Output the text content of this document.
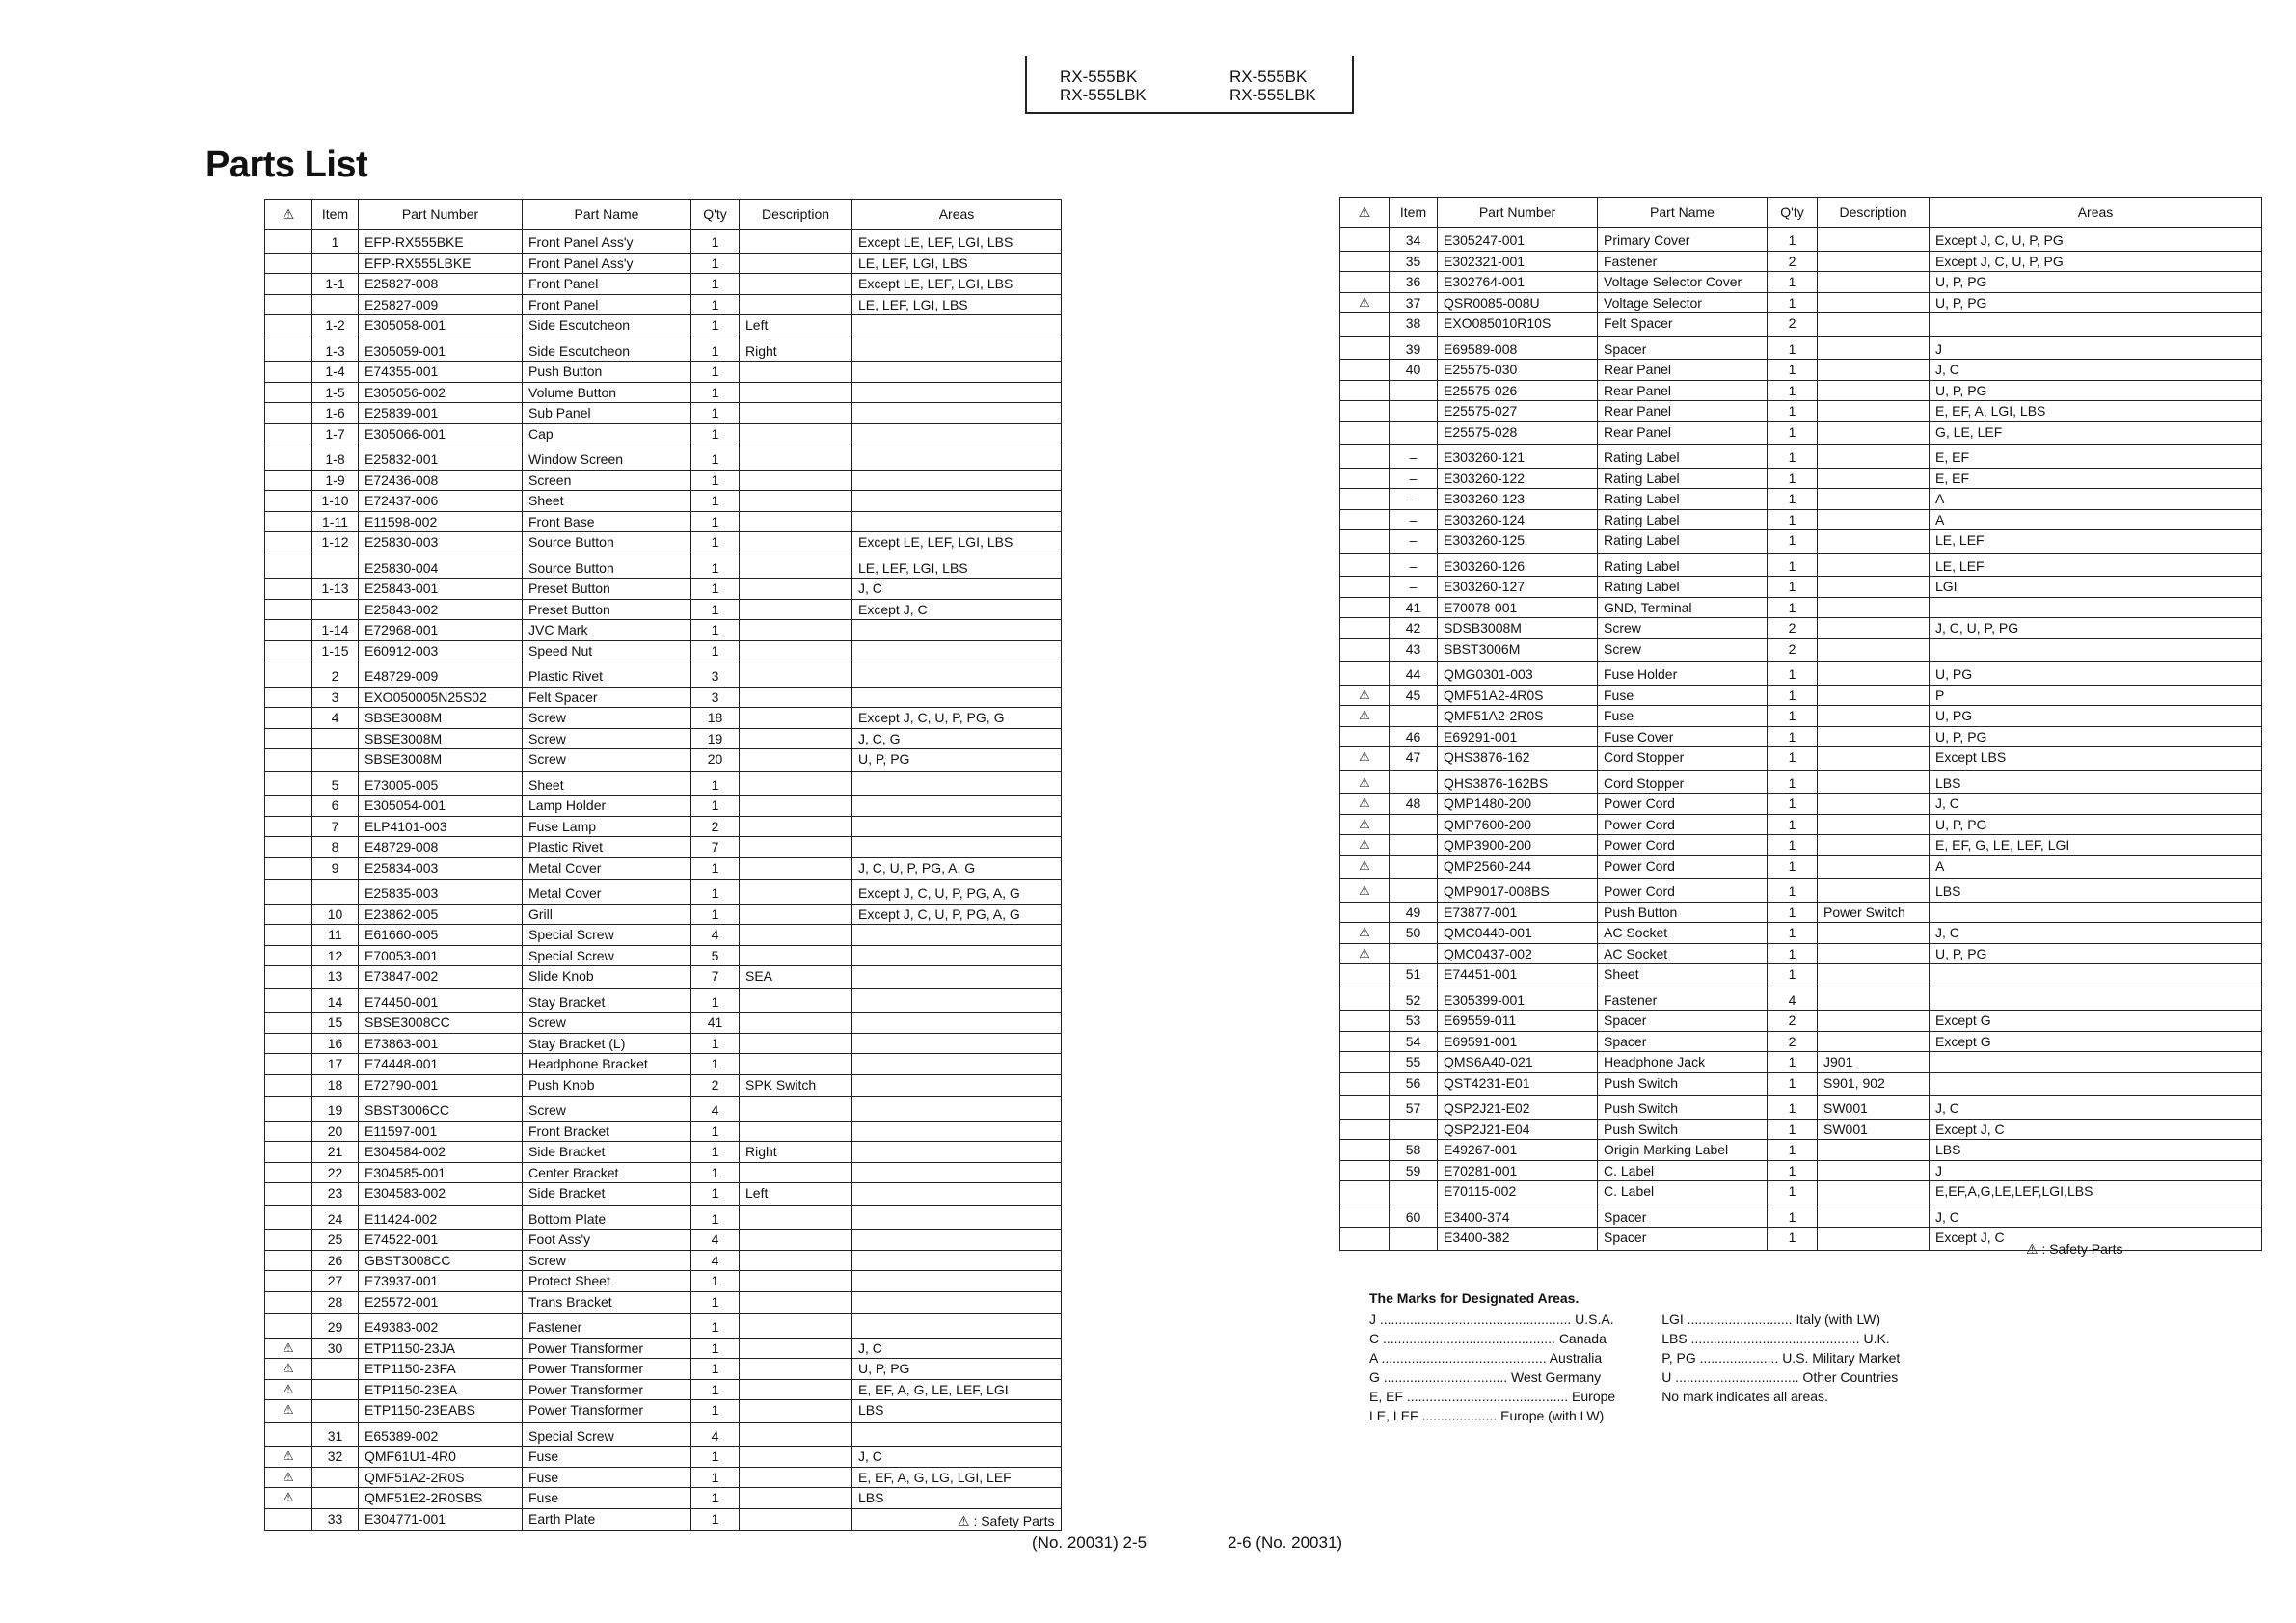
RX-555BK
RX-555LBK
RX-555BK
RX-555LBK
Parts List
⚠	Item	Part Number	Part Name	Q'ty	Description	Areas
	1	EFP-RX555BKE	Front Panel Ass'y	1		Except LE, LEF, LGI, LBS
		EFP-RX555LBKE	Front Panel Ass'y	1		LE, LEF, LGI, LBS
	1-1	E25827-008	Front Panel	1		Except LE, LEF, LGI, LBS
		E25827-009	Front Panel	1		LE, LEF, LGI, LBS
	1-2	E305058-001	Side Escutcheon	1	Left	
	1-3	E305059-001	Side Escutcheon	1	Right	
	1-4	E74355-001	Push Button	1		
	1-5	E305056-002	Volume Button	1		
	1-6	E25839-001	Sub Panel	1		
	1-7	E305066-001	Cap	1		
	1-8	E25832-001	Window Screen	1		
	1-9	E72436-008	Screen	1		
	1-10	E72437-006	Sheet	1		
	1-11	E11598-002	Front Base	1		
	1-12	E25830-003	Source Button	1		Except LE, LEF, LGI, LBS
		E25830-004	Source Button	1		LE, LEF, LGI, LBS
	1-13	E25843-001	Preset Button	1		J, C
		E25843-002	Preset Button	1		Except J, C
	1-14	E72968-001	JVC Mark	1		
	1-15	E60912-003	Speed Nut	1		
	2	E48729-009	Plastic Rivet	3		
	3	EXO050005N25S02	Felt Spacer	3		
	4	SBSE3008M	Screw	18		Except J, C, U, P, PG, G
		SBSE3008M	Screw	19		J, C, G
		SBSE3008M	Screw	20		U, P, PG
	5	E73005-005	Sheet	1		
	6	E305054-001	Lamp Holder	1		
	7	ELP4101-003	Fuse Lamp	2		
	8	E48729-008	Plastic Rivet	7		
	9	E25834-003	Metal Cover	1		J, C, U, P, PG, A, G
		E25835-003	Metal Cover	1		Except J, C, U, P, PG, A, G
	10	E23862-005	Grill	1		Except J, C, U, P, PG, A, G
	11	E61660-005	Special Screw	4		
	12	E70053-001	Special Screw	5		
	13	E73847-002	Slide Knob	7	SEA	
	14	E74450-001	Stay Bracket	1		
	15	SBSE3008CC	Screw	41		
	16	E73863-001	Stay Bracket (L)	1		
	17	E74448-001	Headphone Bracket	1		
	18	E72790-001	Push Knob	2	SPK Switch	
	19	SBST3006CC	Screw	4		
	20	E11597-001	Front Bracket	1		
	21	E304584-002	Side Bracket	1	Right	
	22	E304585-001	Center Bracket	1		
	23	E304583-002	Side Bracket	1	Left	
	24	E11424-002	Bottom Plate	1		
	25	E74522-001	Foot Ass'y	4		
	26	GBST3008CC	Screw	4		
	27	E73937-001	Protect Sheet	1		
	28	E25572-001	Trans Bracket	1		
	29	E49383-002	Fastener	1		
⚠	30	ETP1150-23JA	Power Transformer	1		J, C
⚠		ETP1150-23FA	Power Transformer	1		U, P, PG
⚠		ETP1150-23EA	Power Transformer	1		E, EF, A, G, LE, LEF, LGI
⚠		ETP1150-23EABS	Power Transformer	1		LBS
	31	E65389-002	Special Screw	4		
⚠	32	QMF61U1-4R0	Fuse	1		J, C
⚠		QMF51A2-2R0S	Fuse	1		E, EF, A, G, LG, LGI, LEF
⚠		QMF51E2-2R0SBS	Fuse	1		LBS
	33	E304771-001	Earth Plate	1		
⚠	Item	Part Number	Part Name	Q'ty	Description	Areas
	34	E305247-001	Primary Cover	1		Except J, C, U, P, PG
	35	E302321-001	Fastener	2		Except J, C, U, P, PG
	36	E302764-001	Voltage Selector Cover	1		U, P, PG
⚠	37	QSR0085-008U	Voltage Selector	1		U, P, PG
	38	EXO085010R10S	Felt Spacer	2		
	39	E69589-008	Spacer	1		J
	40	E25575-030	Rear Panel	1		J, C
		E25575-026	Rear Panel	1		U, P, PG
		E25575-027	Rear Panel	1		E, EF, A, LGI, LBS
		E25575-028	Rear Panel	1		G, LE, LEF
	–	E303260-121	Rating Label	1		E, EF
	–	E303260-122	Rating Label	1		E, EF
	–	E303260-123	Rating Label	1		A
	–	E303260-124	Rating Label	1		A
	–	E303260-125	Rating Label	1		LE, LEF
	–	E303260-126	Rating Label	1		LE, LEF
	–	E303260-127	Rating Label	1		LGI
	41	E70078-001	GND, Terminal	1		
	42	SDSB3008M	Screw	2		J, C, U, P, PG
	43	SBST3006M	Screw	2		
	44	QMG0301-003	Fuse Holder	1		U, PG
⚠	45	QMF51A2-4R0S	Fuse	1		P
⚠		QMF51A2-2R0S	Fuse	1		U, PG
	46	E69291-001	Fuse Cover	1		U, P, PG
⚠	47	QHS3876-162	Cord Stopper	1		Except LBS
⚠		QHS3876-162BS	Cord Stopper	1		LBS
⚠	48	QMP1480-200	Power Cord	1		J, C
⚠		QMP7600-200	Power Cord	1		U, P, PG
⚠		QMP3900-200	Power Cord	1		E, EF, G, LE, LEF, LGI
⚠		QMP2560-244	Power Cord	1		A
⚠		QMP9017-008BS	Power Cord	1		LBS
	49	E73877-001	Push Button	1	Power Switch	
⚠	50	QMC0440-001	AC Socket	1		J, C
⚠		QMC0437-002	AC Socket	1		U, P, PG
	51	E74451-001	Sheet	1		
	52	E305399-001	Fastener	4		
	53	E69559-011	Spacer	2		Except G
	54	E69591-001	Spacer	2		Except G
	55	QMS6A40-021	Headphone Jack	1	J901	
	56	QST4231-E01	Push Switch	1	S901, 902	
	57	QSP2J21-E02	Push Switch	1	SW001	J, C
		QSP2J21-E04	Push Switch	1	SW001	Except J, C
	58	E49267-001	Origin Marking Label	1		LBS
	59	E70281-001	C. Label	1		J
		E70115-002	C. Label	1		E,EF,A,G,LE,LEF,LGI,LBS
	60	E3400-374	Spacer	1		J, C
		E3400-382	Spacer	1		Except J, C
⚠ : Safety Parts
⚠ : Safety Parts
The Marks for Designated Areas.
J ................................................... U.S.A.
C .............................................. Canada
A ............................................ Australia
G ................................. West Germany
E, EF ........................................... Europe
LE, LEF .................... Europe (with LW)
LGI ............................ Italy (with LW)
LBS ............................................. U.K.
P, PG ..................... U.S. Military Market
U ................................. Other Countries
No mark indicates all areas.
(No. 20031) 2-5	2-6 (No. 20031)
